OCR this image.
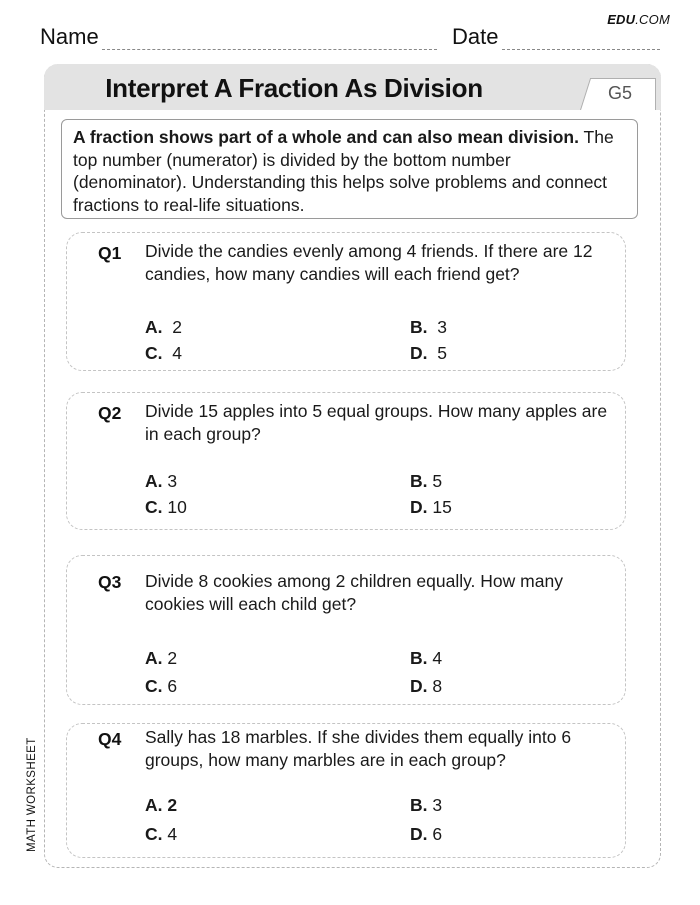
EDU.COM
Name	Date
Interpret A Fraction As Division	G5
A fraction shows part of a whole and can also mean division. The top number (numerator) is divided by the bottom number (denominator). Understanding this helps solve problems and connect fractions to real-life situations.
Q1 Divide the candies evenly among 4 friends. If there are 12 candies, how many candies will each friend get?
A. 2	B. 3
C. 4	D. 5
Q2 Divide 15 apples into 5 equal groups. How many apples are in each group?
A. 3	B. 5
C. 10	D. 15
Q3 Divide 8 cookies among 2 children equally. How many cookies will each child get?
A. 2	B. 4
C. 6	D. 8
Q4 Sally has 18 marbles. If she divides them equally into 6 groups, how many marbles are in each group?
A. 2	B. 3
C. 4	D. 6
MATH WORKSHEET
